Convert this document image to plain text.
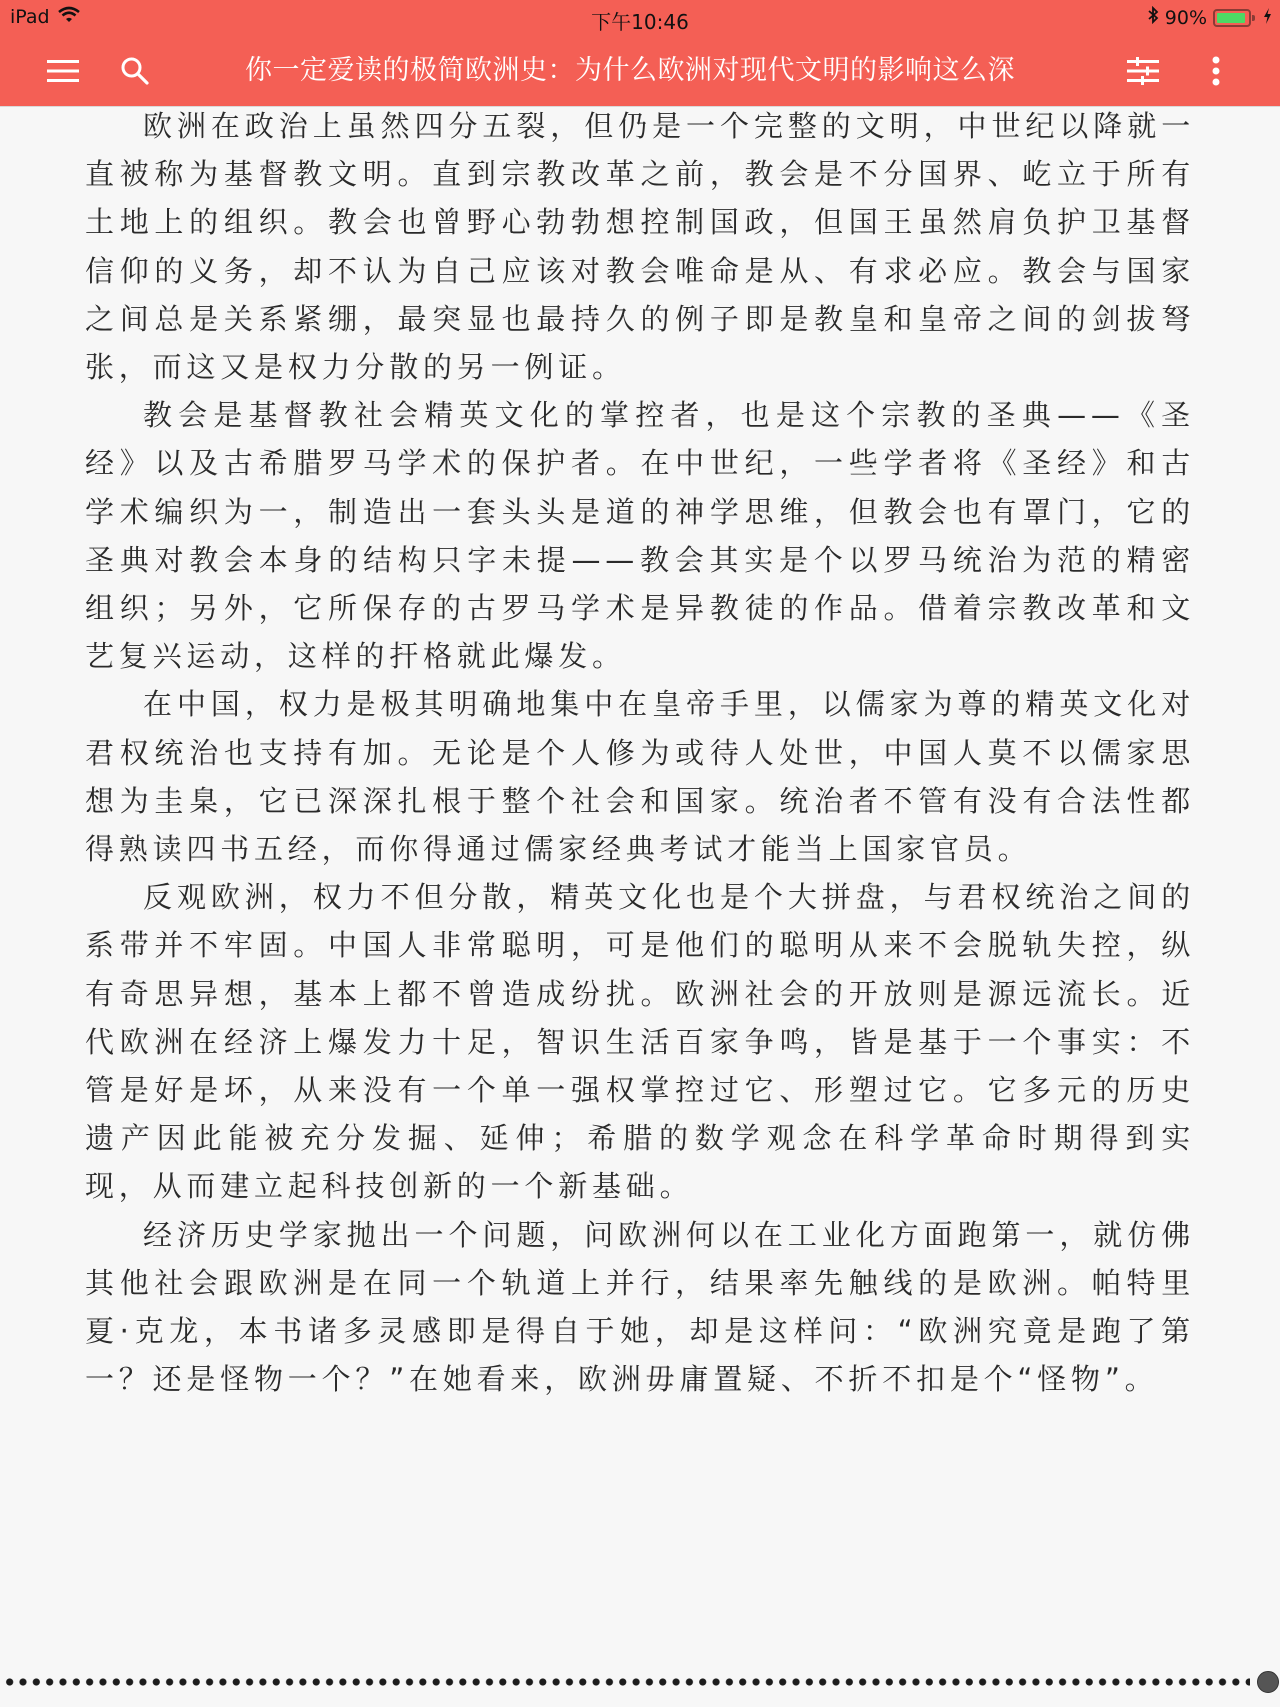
iPad	下午10:46	90%
你一定爱读的极简欧洲史：为什么欧洲对现代文明的影响这么深

欧洲在政治上虽然四分五裂，但仍是一个完整的文明，中世纪以降就一直被称为基督教文明。直到宗教改革之前，教会是不分国界、屹立于所有土地上的组织。教会也曾野心勃勃想控制国政，但国王虽然肩负护卫基督信仰的义务，却不认为自己应该对教会唯命是从、有求必应。教会与国家之间总是关系紧绷，最突显也最持久的例子即是教皇和皇帝之间的剑拔弩张，而这又是权力分散的另一例证。

教会是基督教社会精英文化的掌控者，也是这个宗教的圣典——《圣经》以及古希腊罗马学术的保护者。在中世纪，一些学者将《圣经》和古学术编织为一，制造出一套头头是道的神学思维，但教会也有罩门，它的圣典对教会本身的结构只字未提——教会其实是个以罗马统治为范的精密组织；另外，它所保存的古罗马学术是异教徒的作品。借着宗教改革和文艺复兴运动，这样的扞格就此爆发。

在中国，权力是极其明确地集中在皇帝手里，以儒家为尊的精英文化对君权统治也支持有加。无论是个人修为或待人处世，中国人莫不以儒家思想为圭臬，它已深深扎根于整个社会和国家。统治者不管有没有合法性都得熟读四书五经，而你得通过儒家经典考试才能当上国家官员。

反观欧洲，权力不但分散，精英文化也是个大拼盘，与君权统治之间的系带并不牢固。中国人非常聪明，可是他们的聪明从来不会脱轨失控，纵有奇思异想，基本上都不曾造成纷扰。欧洲社会的开放则是源远流长。近代欧洲在经济上爆发力十足，智识生活百家争鸣，皆是基于一个事实：不管是好是坏，从来没有一个单一强权掌控过它、形塑过它。它多元的历史遗产因此能被充分发掘、延伸；希腊的数学观念在科学革命时期得到实现，从而建立起科技创新的一个新基础。

经济历史学家抛出一个问题，问欧洲何以在工业化方面跑第一，就仿佛其他社会跟欧洲是在同一个轨道上并行，结果率先触线的是欧洲。帕特里夏·克龙，本书诸多灵感即是得自于她，却是这样问：“欧洲究竟是跑了第一？还是怪物一个？”在她看来，欧洲毋庸置疑、不折不扣是个“怪物”。
